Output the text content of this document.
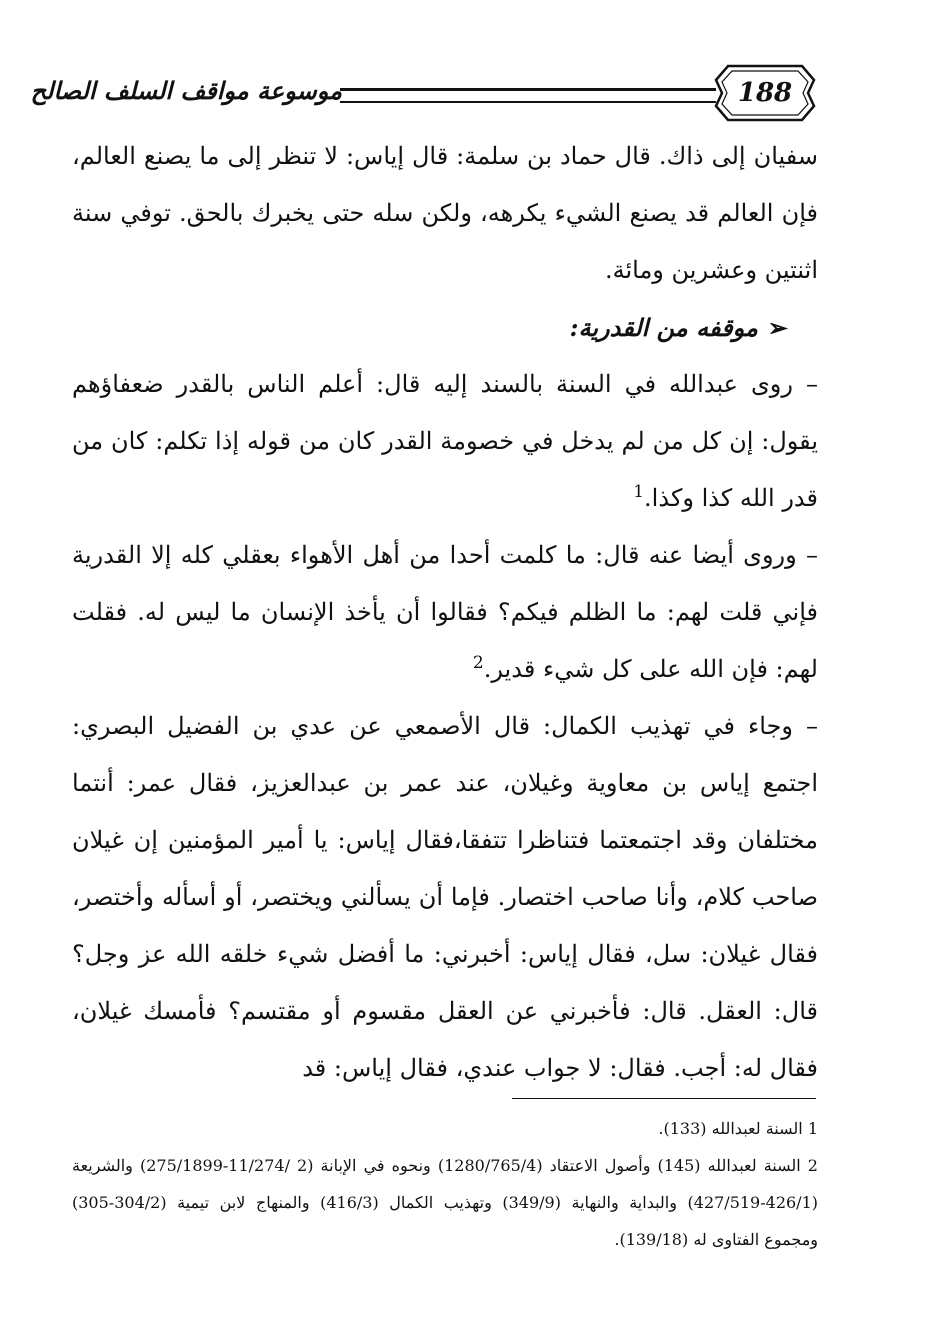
188
موسوعة مواقف السلف الصالح

سفيان إلى ذاك. قال حماد بن سلمة: قال إياس: لا تنظر إلى ما يصنع العالم، فإن العالم قد يصنع الشيء يكرهه، ولكن سله حتى يخبرك بالحق. توفي سنة اثنتين وعشرين ومائة.

➢موقفه من القدرية:

– روى عبدالله في السنة بالسند إليه قال: أعلم الناس بالقدر ضعفاؤهم يقول: إن كل من لم يدخل في خصومة القدر كان من قوله إذا تكلم: كان من قدر الله كذا وكذا.$^1$

– وروى أيضا عنه قال: ما كلمت أحدا من أهل الأهواء بعقلي كله إلا القدرية فإني قلت لهم: ما الظلم فيكم؟ فقالوا أن يأخذ الإنسان ما ليس له. فقلت لهم: فإن الله على كل شيء قدير.$^2$

– وجاء في تهذيب الكمال: قال الأصمعي عن عدي بن الفضيل البصري: اجتمع إياس بن معاوية وغيلان، عند عمر بن عبدالعزيز، فقال عمر: أنتما مختلفان وقد اجتمعتما فتناظرا تتفقا،فقال إياس: يا أمير المؤمنين إن غيلان صاحب كلام، وأنا صاحب اختصار. فإما أن يسألني ويختصر، أو أسأله وأختصر، فقال غيلان: سل، فقال إياس: أخبرني: ما أفضل شيء خلقه الله عز وجل؟ قال: العقل. قال: فأخبرني عن العقل مقسوم أو مقتسم؟ فأمسك غيلان، فقال له: أجب. فقال: لا جواب عندي، فقال إياس: قد

1 السنة لعبدالله (133).

2 السنة لعبدالله (145) وأصول الاعتقاد (1280/765/4) ونحوه في الإبانة (2 /11/274-275/1899) والشريعة (426/1-427/519) والبداية والنهاية (349/9) وتهذيب الكمال (416/3) والمنهاج لابن تيمية (304/2-305) ومجموع الفتاوى له (139/18).
